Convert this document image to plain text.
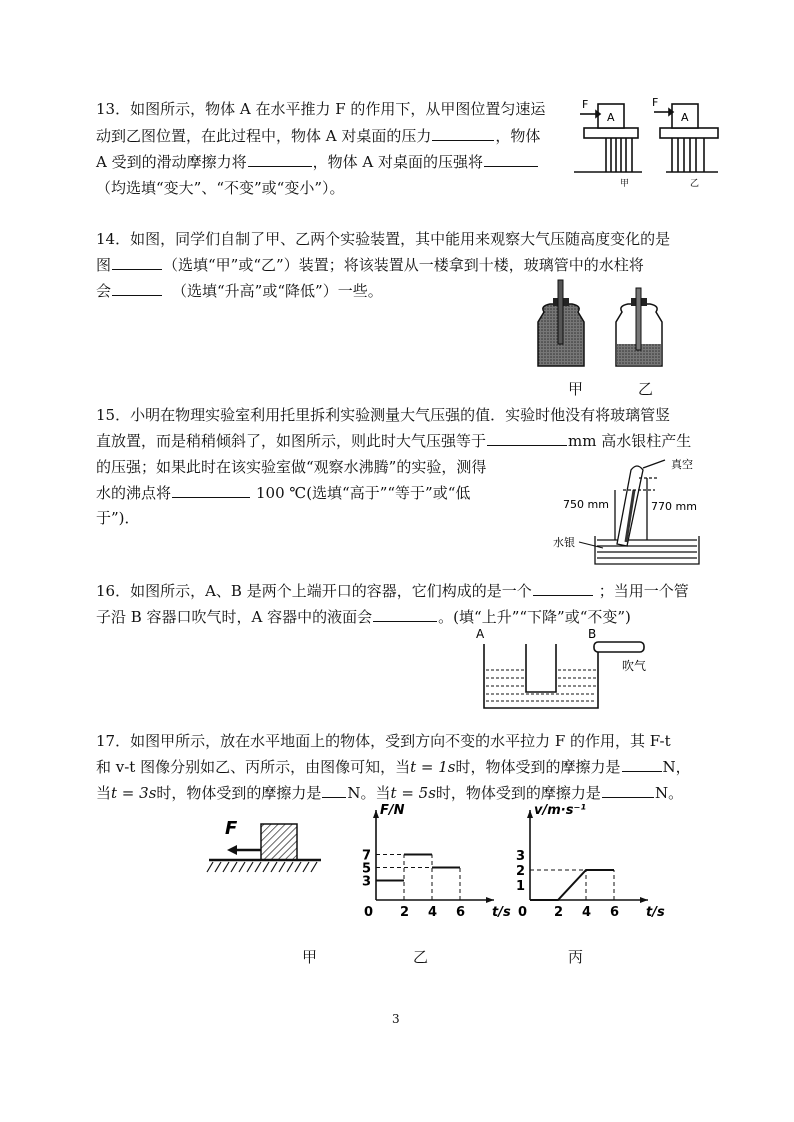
13．如图所示，物体 A 在水平推力 F 的作用下，从甲图位置匀速运
动到乙图位置，在此过程中，物体 A 对桌面的压力	，物体
A 受到的滑动摩擦力将	，物体 A 对桌面的压强将
（均选填“变大”、“不变”或“变小”）。
F
A
F
A
甲	乙
14．如图，同学们自制了甲、乙两个实验装置，其中能用来观察大气压随高度变化的是
图	（选填“甲”或“乙”）装置；将该装置从一楼拿到十楼，玻璃管中的水柱将
会	（选填“升高”或“降低”）一些。
甲	乙
15．小明在物理实验室利用托里拆利实验测量大气压强的值．实验时他没有将玻璃管竖
直放置，而是稍稍倾斜了，如图所示，则此时大气压强等于	mm 高水银柱产生
的压强；如果此时在该实验室做“观察水沸腾”的实验，测得
水的沸点将	100 ℃(选填“高于”“等于”或“低
于”)．
真空
750 mm	770 mm
水银
16．如图所示，A、B 是两个上端开口的容器，它们构成的是一个	；当用一个管
子沿 B 容器口吹气时，A 容器中的液面会	。(填“上升”“下降”或“不变”)
A	B
吹气
17．如图甲所示，放在水平地面上的物体，受到方向不变的水平拉力 F 的作用，其 F-t
和 v-t 图像分别如乙、丙所示，由图像可知，当t = 1s时，物体受到的摩擦力是	N，
当t = 3s时，物体受到的摩擦力是 N。当t = 5s时，物体受到的摩擦力是	N。
F
F/N
t/s
0 2 4 6
3
5
7
v/m·s⁻¹
t/s
0 2 4 6
1
2
3
甲	乙	丙
3
